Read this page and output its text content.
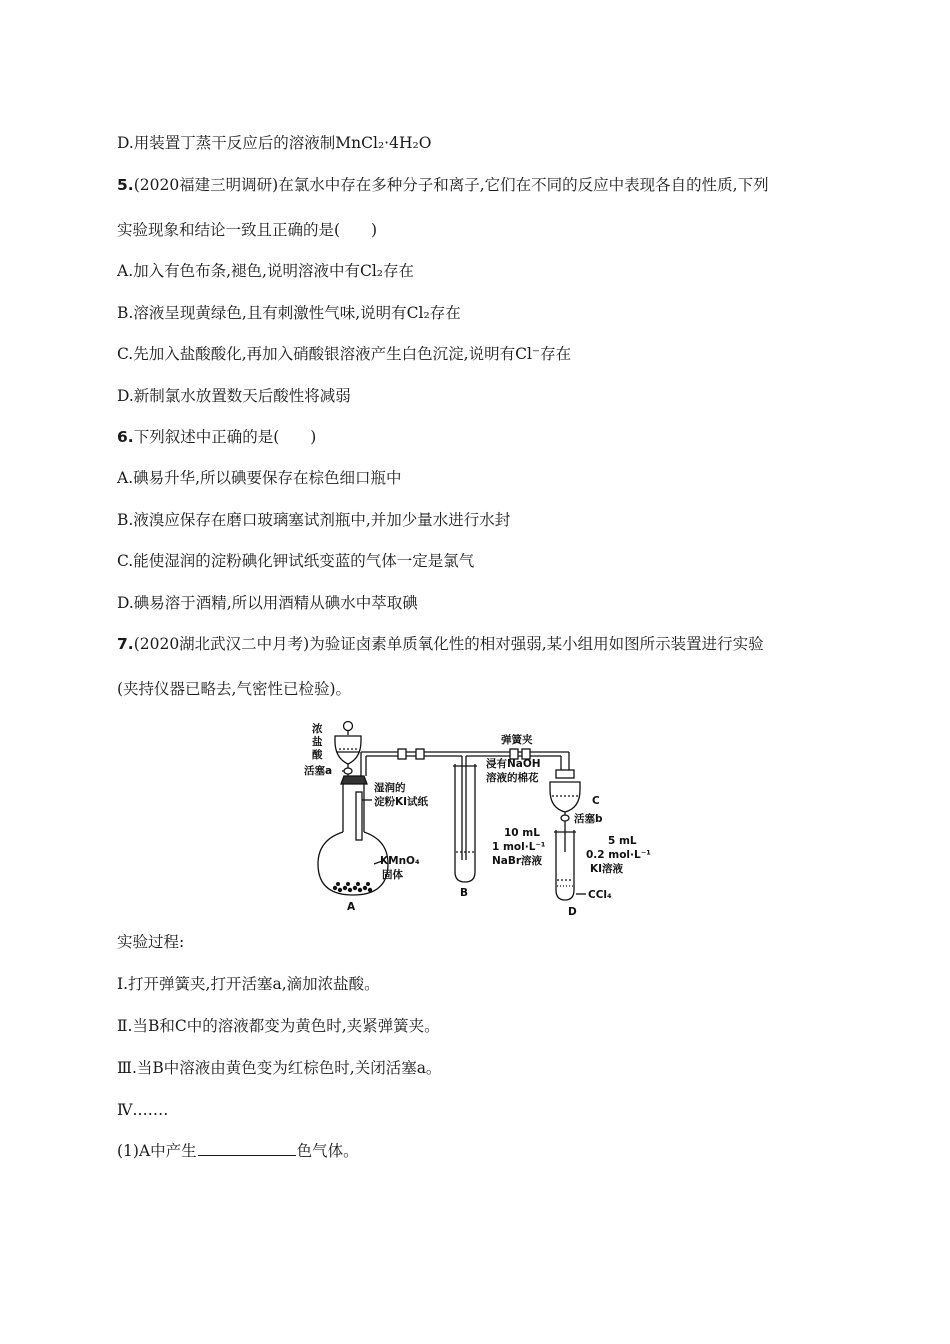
D.用装置丁蒸干反应后的溶液制MnCl₂·4H₂O
5.(2020福建三明调研)在氯水中存在多种分子和离子,它们在不同的反应中表现各自的性质,下列
实验现象和结论一致且正确的是(　　)
A.加入有色布条,褪色,说明溶液中有Cl₂存在
B.溶液呈现黄绿色,且有刺激性气味,说明有Cl₂存在
C.先加入盐酸酸化,再加入硝酸银溶液产生白色沉淀,说明有Cl⁻存在
D.新制氯水放置数天后酸性将减弱
6.下列叙述中正确的是(　　)
A.碘易升华,所以碘要保存在棕色细口瓶中
B.液溴应保存在磨口玻璃塞试剂瓶中,并加少量水进行水封
C.能使湿润的淀粉碘化钾试纸变蓝的气体一定是氯气
D.碘易溶于酒精,所以用酒精从碘水中萃取碘
7.(2020湖北武汉二中月考)为验证卤素单质氧化性的相对强弱,某小组用如图所示装置进行实验
(夹持仪器已略去,气密性已检验)。
浓
盐
酸
活塞a
湿润的
淀粉KI试纸
KMnO₄
固体
A
B
弹簧夹
浸有NaOH
溶液的棉花
C
活塞b
10 mL
1 mol·L⁻¹
NaBr溶液
5 mL
0.2 mol·L⁻¹
KI溶液
CCl₄
D
实验过程:
Ⅰ.打开弹簧夹,打开活塞a,滴加浓盐酸。
Ⅱ.当B和C中的溶液都变为黄色时,夹紧弹簧夹。
Ⅲ.当B中溶液由黄色变为红棕色时,关闭活塞a。
Ⅳ.……
(1)A中产生	色气体。
